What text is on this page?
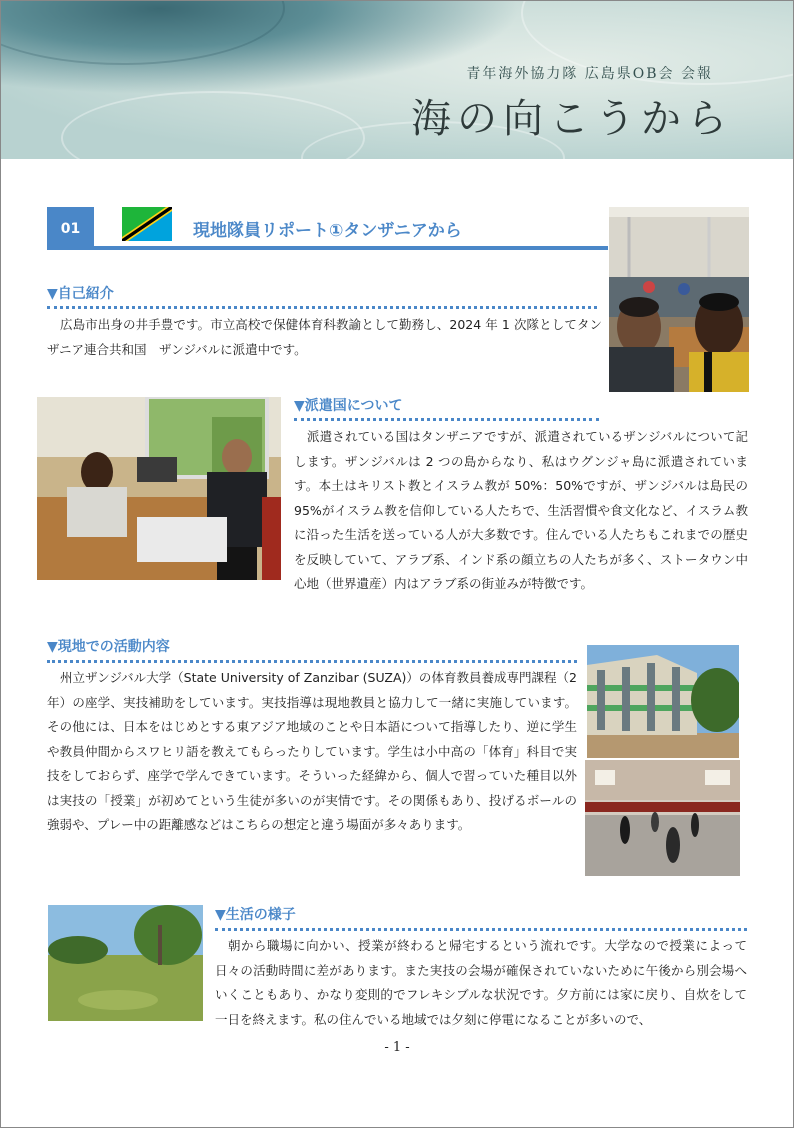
青年海外協力隊 広島県OB会 会報
海の向こうから
01	現地隊員リポート①タンザニアから
▼自己紹介

広島市出身の井手豊です。市立高校で保健体育科教諭として勤務し、2024 年 1 次隊としてタンザニア連合共和国　ザンジバルに派遣中です。

▼派遣国について

派遣されている国はタンザニアですが、派遣されているザンジバルについて記します。ザンジバルは 2 つの島からなり、私はウグンジャ島に派遣されています。本土はキリスト教とイスラム教が 50%：50%ですが、ザンジバルは島民の 95%がイスラム教を信仰している人たちで、生活習慣や食文化など、イスラム教に沿った生活を送っている人が大多数です。住んでいる人たちもこれまでの歴史を反映していて、アラブ系、インド系の顔立ちの人たちが多く、ストータウン中心地（世界遺産）内はアラブ系の街並みが特徴です。

▼現地での活動内容

州立ザンジバル大学（State University of Zanzibar (SUZA)）の体育教員養成専門課程（2 年）の座学、実技補助をしています。実技指導は現地教員と協力して一緒に実施しています。その他には、日本をはじめとする東アジア地域のことや日本語について指導したり、逆に学生や教員仲間からスワヒリ語を教えてもらったりしています。学生は小中高の「体育」科目で実技をしておらず、座学で学んできています。そういった経緯から、個人で習っていた種目以外は実技の「授業」が初めてという生徒が多いのが実情です。その関係もあり、投げるボールの強弱や、プレー中の距離感などはこちらの想定と違う場面が多々あります。

▼生活の様子

朝から職場に向かい、授業が終わると帰宅するという流れです。大学なので授業によって日々の活動時間に差があります。また実技の会場が確保されていないために午後から別会場へいくこともあり、かなり変則的でフレキシブルな状況です。夕方前には家に戻り、自炊をして一日を終えます。私の住んでいる地域では夕刻に停電になることが多いので、

- 1 -
